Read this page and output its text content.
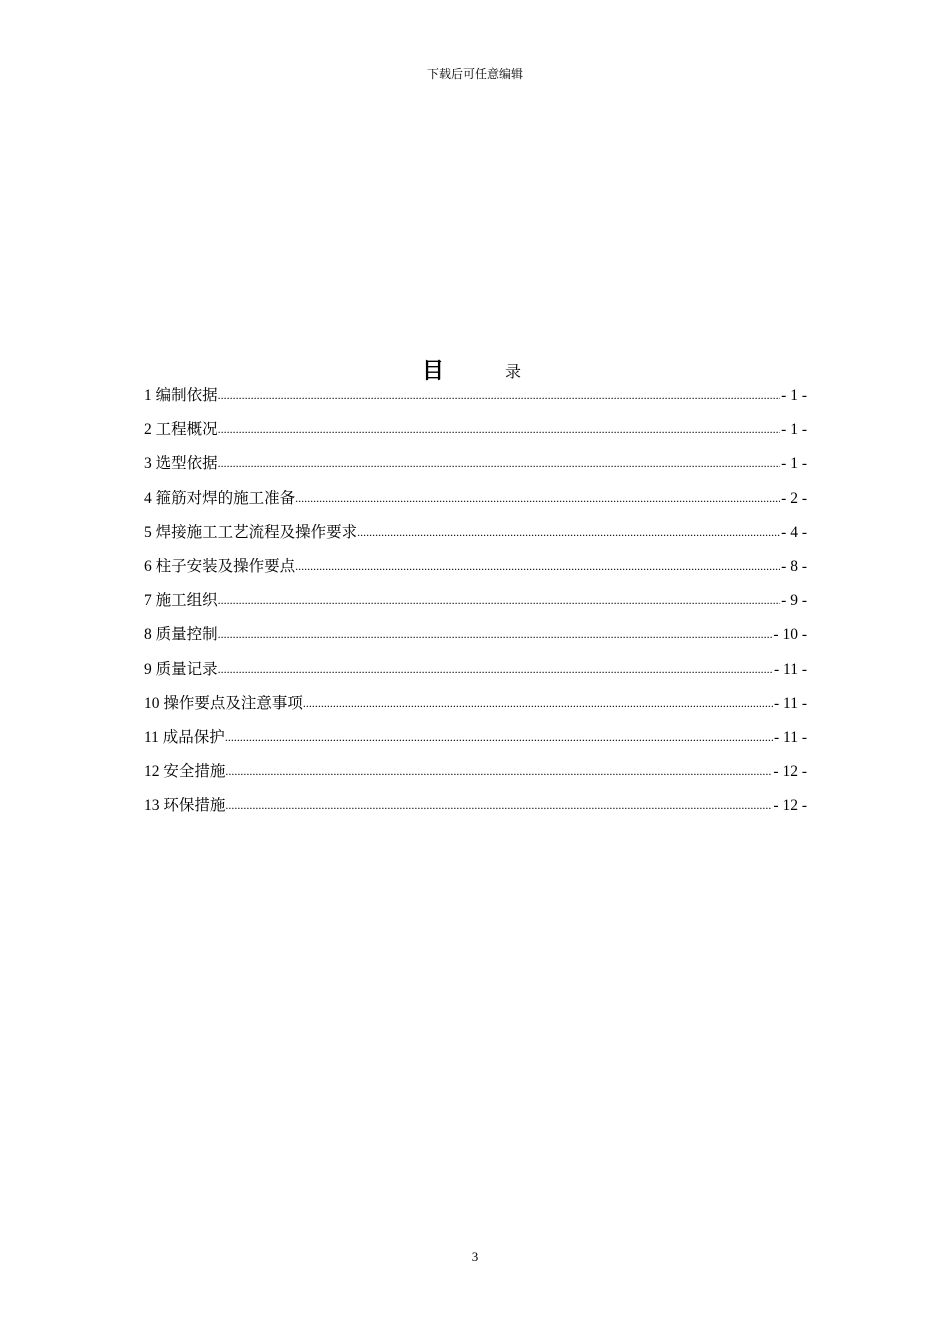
下载后可任意编辑
目	录
1 编制依据 .....	- 1 -
2 工程概况 .....	- 1 -
3 选型依据 .....	- 1 -
4 箍筋对焊的施工准备 .....	- 2 -
5 焊接施工工艺流程及操作要求 .....	- 4 -
6 柱子安装及操作要点 .....	- 8 -
7 施工组织 .....	- 9 -
8 质量控制 .....	- 10 -
9 质量记录 .....	- 11 -
10 操作要点及注意事项 .....	- 11 -
11 成品保护 .....	- 11 -
12 安全措施 .....	- 12 -
13 环保措施 .....	- 12 -
3
